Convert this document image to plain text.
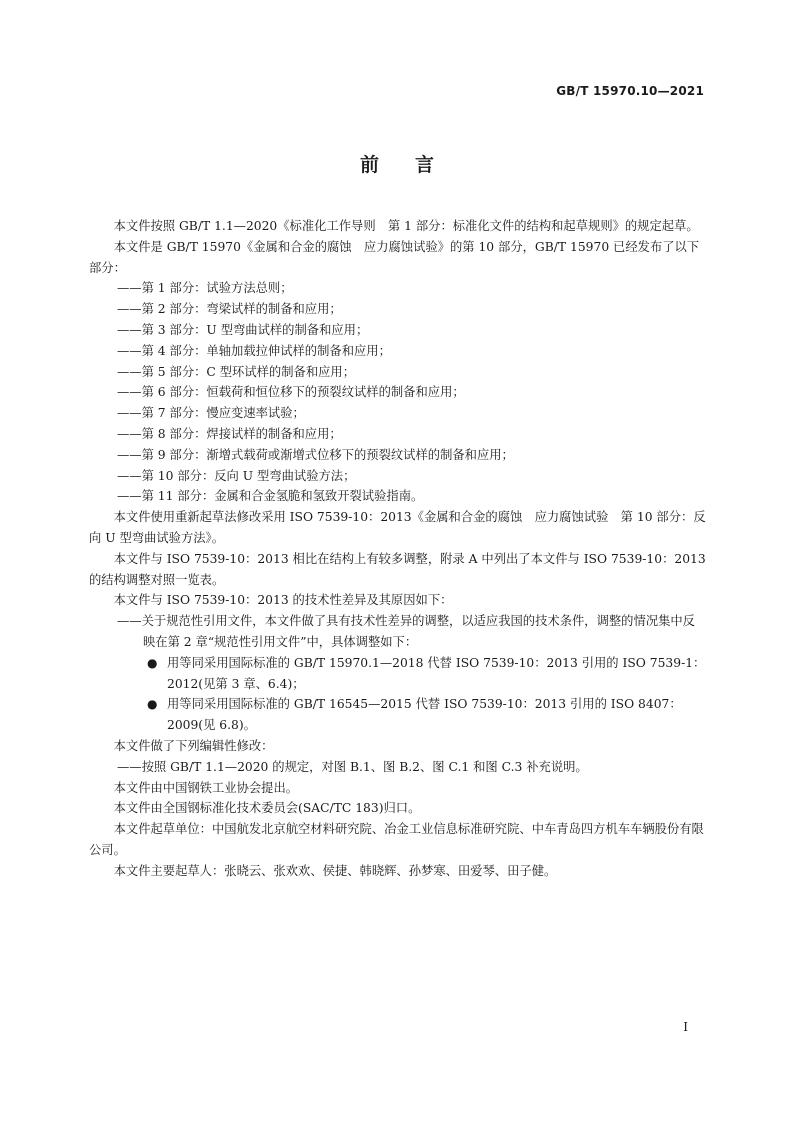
GB/T 15970.10—2021
前言

本文件按照 GB/T 1.1—2020《标准化工作导则　第 1 部分：标准化文件的结构和起草规则》的规定起草。

本文件是 GB/T 15970《金属和合金的腐蚀　应力腐蚀试验》的第 10 部分，GB/T 15970 已经发布了以下部分：

——第 1 部分：试验方法总则；

——第 2 部分：弯梁试样的制备和应用；

——第 3 部分：U 型弯曲试样的制备和应用；

——第 4 部分：单轴加载拉伸试样的制备和应用；

——第 5 部分：C 型环试样的制备和应用；

——第 6 部分：恒载荷和恒位移下的预裂纹试样的制备和应用；

——第 7 部分：慢应变速率试验；

——第 8 部分：焊接试样的制备和应用；

——第 9 部分：渐增式载荷或渐增式位移下的预裂纹试样的制备和应用；

——第 10 部分：反向 U 型弯曲试验方法；

——第 11 部分：金属和合金氢脆和氢致开裂试验指南。

本文件使用重新起草法修改采用 ISO 7539-10：2013《金属和合金的腐蚀　应力腐蚀试验　第 10 部分：反向 U 型弯曲试验方法》。

本文件与 ISO 7539-10：2013 相比在结构上有较多调整，附录 A 中列出了本文件与 ISO 7539-10：2013 的结构调整对照一览表。

本文件与 ISO 7539-10：2013 的技术性差异及其原因如下：

——关于规范性引用文件，本文件做了具有技术性差异的调整，以适应我国的技术条件，调整的情况集中反映在第 2 章“规范性引用文件”中，具体调整如下：

● 用等同采用国际标准的 GB/T 15970.1—2018 代替 ISO 7539-10：2013 引用的 ISO 7539-1：2012(见第 3 章、6.4)；

● 用等同采用国际标准的 GB/T 16545—2015 代替 ISO 7539-10：2013 引用的 ISO 8407：2009(见 6.8)。

本文件做了下列编辑性修改：

——按照 GB/T 1.1—2020 的规定，对图 B.1、图 B.2、图 C.1 和图 C.3 补充说明。

本文件由中国钢铁工业协会提出。

本文件由全国钢标准化技术委员会(SAC/TC 183)归口。

本文件起草单位：中国航发北京航空材料研究院、冶金工业信息标准研究院、中车青岛四方机车车辆股份有限公司。

本文件主要起草人：张晓云、张欢欢、侯捷、韩晓辉、孙梦寒、田爱琴、田子健。

I
